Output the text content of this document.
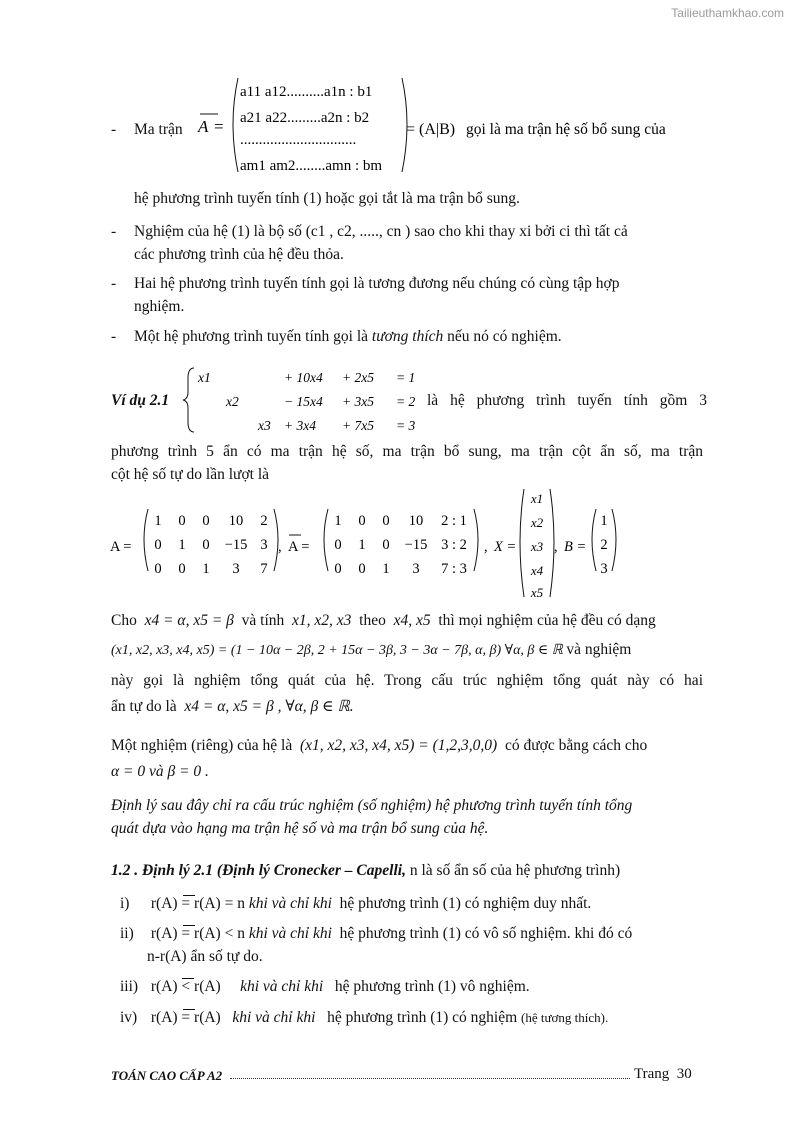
Tailieuthamkhao.com
- Ma trận A =
a11 a12..........a1n : b1
a21 a22.........a2n : b2
...............................
am1 am2........amn : bm
= (A|B) gọi là ma trận hệ số bổ sung của
hệ phương trình tuyến tính (1) hoặc gọi tắt là ma trận bổ sung.
- Nghiệm của hệ (1) là bộ số (c1 , c2, ....., cn ) sao cho khi thay xi bởi ci thì tất cả
các phương trình của hệ đều thỏa.
- Hai hệ phương trình tuyến tính gọi là tương đương nếu chúng có cùng tập hợp
nghiệm.
- Một hệ phương trình tuyến tính gọi là tương thích nếu nó có nghiệm.
Ví dụ 2.1
x1	+ 10x4 + 2x5 = 1
x2	− 15x4 + 3x5 = 2
x3 + 3x4 + 7x5 = 3
là hệ phương trình tuyến tính gồm 3
phương trình 5 ẩn có ma trận hệ số, ma trận bổ sung, ma trận cột ẩn số, ma trận
cột hệ số tự do lần lượt là
A =
1 0 0 10 2
0 1 0 −15 3
0 0 1 3 7
, A =
1 0 0 10 2 : 1
0 1 0 −15 3 : 2
0 0 1 3 7 : 3
, X =
x1
x2
x3
x4
x5
, B =
1
2
3
Cho x4 = α, x5 = β và tính x1, x2, x3 theo x4, x5 thì mọi nghiệm của hệ đều có dạng
(x1, x2, x3, x4, x5) = (1 − 10α − 2β, 2 + 15α − 3β, 3 − 3α − 7β, α, β) ∀α, β ∈ ℝ và nghiệm
này gọi là nghiệm tổng quát của hệ. Trong cấu trúc nghiệm tổng quát này có hai
ẩn tự do là x4 = α, x5 = β , ∀α, β ∈ ℝ.
Một nghiệm (riêng) của hệ là (x1, x2, x3, x4, x5) = (1,2,3,0,0) có được bằng cách cho
α = 0 và β = 0 .
Định lý sau đây chỉ ra cấu trúc nghiệm (số nghiệm) hệ phương trình tuyến tính tổng
quát dựa vào hạng ma trận hệ số và ma trận bổ sung của hệ.
1.2 . Định lý 2.1 (Định lý Cronecker – Capelli, n là số ẩn số của hệ phương trình)
i) r(A) = r(A) = n khi và chỉ khi hệ phương trình (1) có nghiệm duy nhất.
ii) r(A) = r(A) < n khi và chỉ khi hệ phương trình (1) có vô số nghiệm. khi đó có
n-r(A) ẩn số tự do.
iii) r(A) < r(A) khi và chỉ khi hệ phương trình (1) vô nghiệm.
iv) r(A) = r(A) khi và chỉ khi hệ phương trình (1) có nghiệm (hệ tương thích).
TOÁN CAO CẤP A2	Trang 30
